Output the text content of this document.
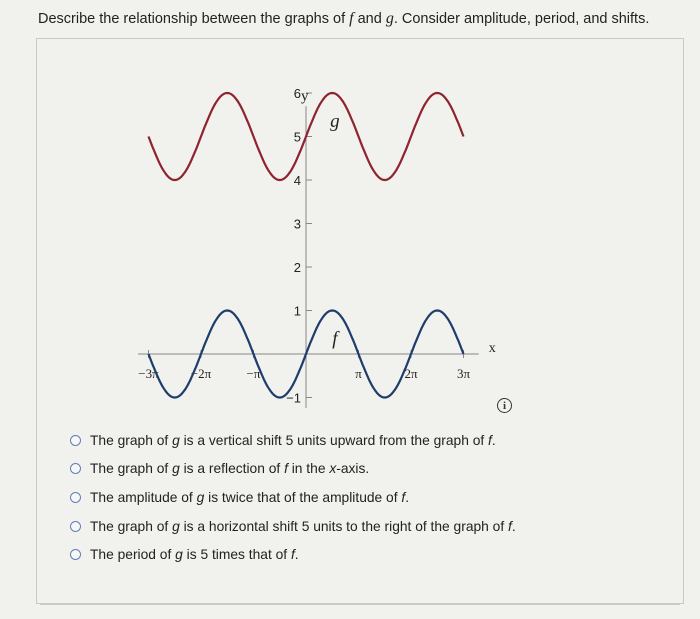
Describe the relationship between the graphs of f and g. Consider amplitude, period, and shifts.
x
y
−3π −2π	−π	π	2π	3π
−1
1
2
3
4
5
6
f
g
i
The graph of g is a vertical shift 5 units upward from the graph of f.
The graph of g is a reflection of f in the x-axis.
The amplitude of g is twice that of the amplitude of f.
The graph of g is a horizontal shift 5 units to the right of the graph of f.
The period of g is 5 times that of f.
